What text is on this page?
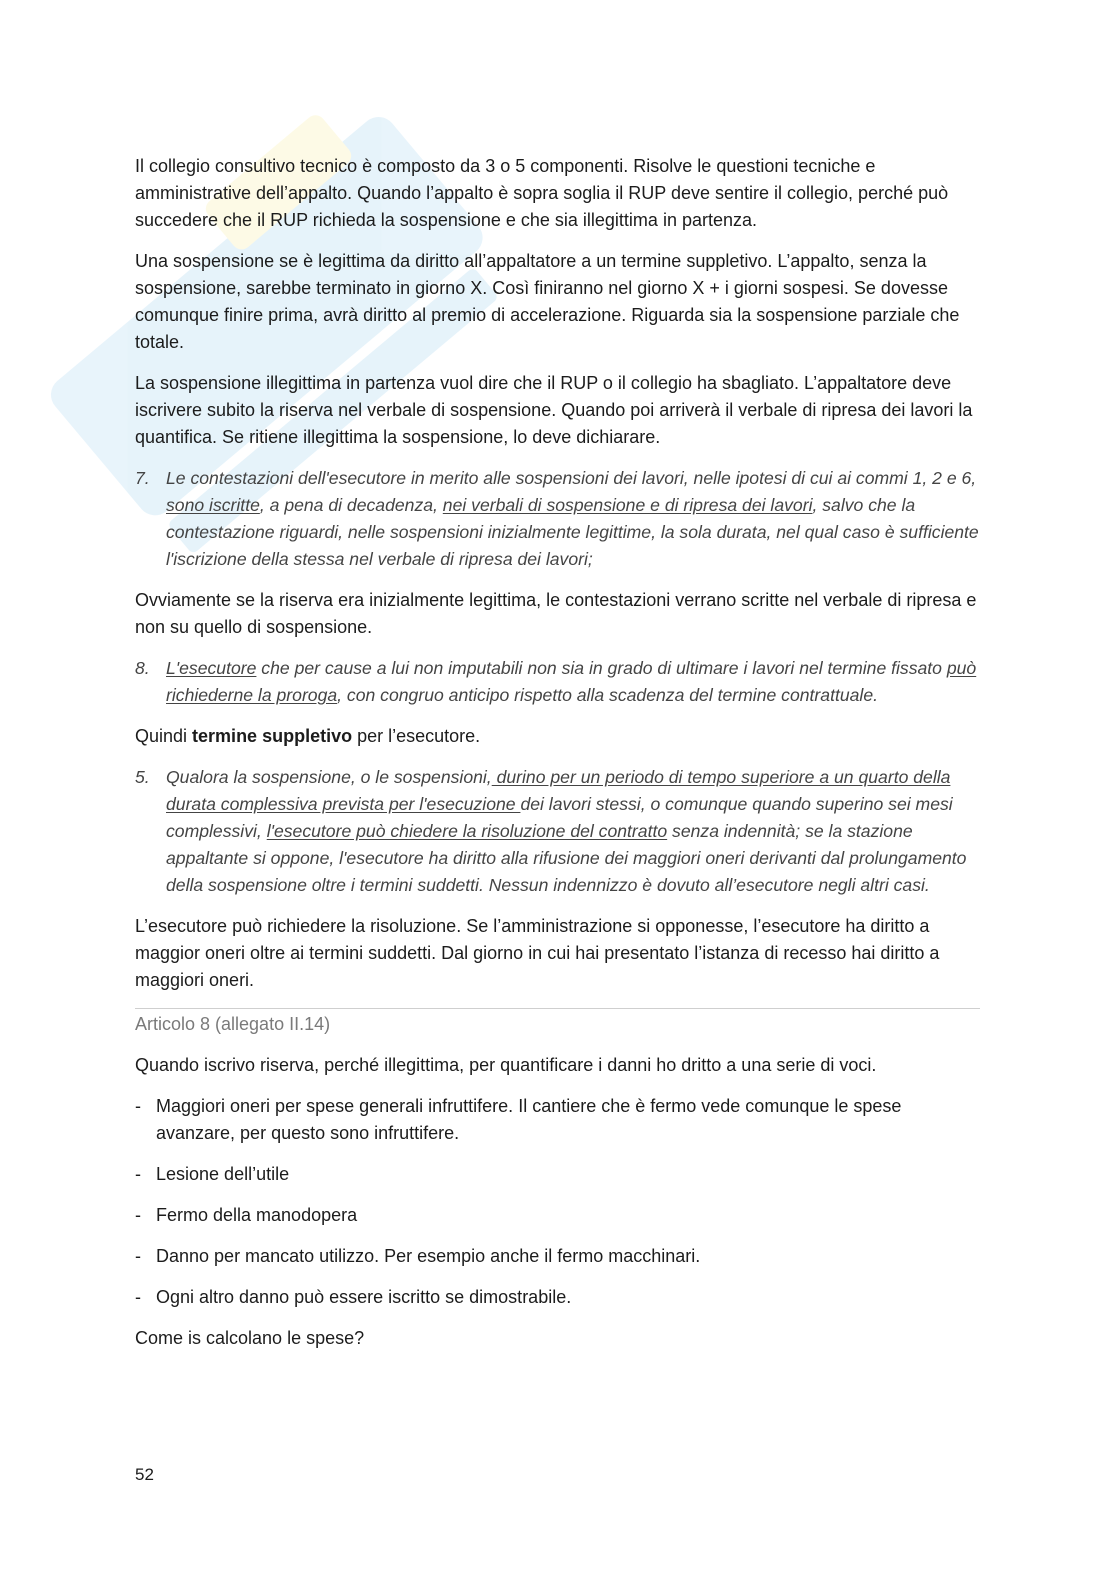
Il collegio consultivo tecnico è composto da 3 o 5 componenti. Risolve le questioni tecniche e amministrative dell’appalto. Quando l’appalto è sopra soglia il RUP deve sentire il collegio, perché può succedere che il RUP richieda la sospensione e che sia illegittima in partenza.

Una sospensione se è legittima da diritto all’appaltatore a un termine suppletivo. L’appalto, senza la sospensione, sarebbe terminato in giorno X. Così finiranno nel giorno X + i giorni sospesi. Se dovesse comunque finire prima, avrà diritto al premio di accelerazione. Riguarda sia la sospensione parziale che totale.

La sospensione illegittima in partenza vuol dire che il RUP o il collegio ha sbagliato. L’appaltatore deve iscrivere subito la riserva nel verbale di sospensione. Quando poi arriverà il verbale di ripresa dei lavori la quantifica. Se ritiene illegittima la sospensione, lo deve dichiarare.

7. Le contestazioni dell'esecutore in merito alle sospensioni dei lavori, nelle ipotesi di cui ai commi 1, 2 e 6, sono iscritte, a pena di decadenza, nei verbali di sospensione e di ripresa dei lavori, salvo che la contestazione riguardi, nelle sospensioni inizialmente legittime, la sola durata, nel qual caso è sufficiente l'iscrizione della stessa nel verbale di ripresa dei lavori;

Ovviamente se la riserva era inizialmente legittima, le contestazioni verrano scritte nel verbale di ripresa e non su quello di sospensione.

8. L'esecutore che per cause a lui non imputabili non sia in grado di ultimare i lavori nel termine fissato può richiederne la proroga, con congruo anticipo rispetto alla scadenza del termine contrattuale.

Quindi termine suppletivo per l’esecutore.

5. Qualora la sospensione, o le sospensioni, durino per un periodo di tempo superiore a un quarto della durata complessiva prevista per l'esecuzione dei lavori stessi, o comunque quando superino sei mesi complessivi, l'esecutore può chiedere la risoluzione del contratto senza indennità; se la stazione appaltante si oppone, l'esecutore ha diritto alla rifusione dei maggiori oneri derivanti dal prolungamento della sospensione oltre i termini suddetti. Nessun indennizzo è dovuto all’esecutore negli altri casi.

L’esecutore può richiedere la risoluzione. Se l’amministrazione si opponesse, l’esecutore ha diritto a maggior oneri oltre ai termini suddetti. Dal giorno in cui hai presentato l’istanza di recesso hai diritto a maggiori oneri.

Articolo 8 (allegato II.14)

Quando iscrivo riserva, perché illegittima, per quantificare i danni ho dritto a una serie di voci.

- Maggiori oneri per spese generali infruttifere. Il cantiere che è fermo vede comunque le spese avanzare, per questo sono infruttifere.
- Lesione dell’utile
- Fermo della manodopera
- Danno per mancato utilizzo. Per esempio anche il fermo macchinari.
- Ogni altro danno può essere iscritto se dimostrabile.

Come is calcolano le spese?

52
